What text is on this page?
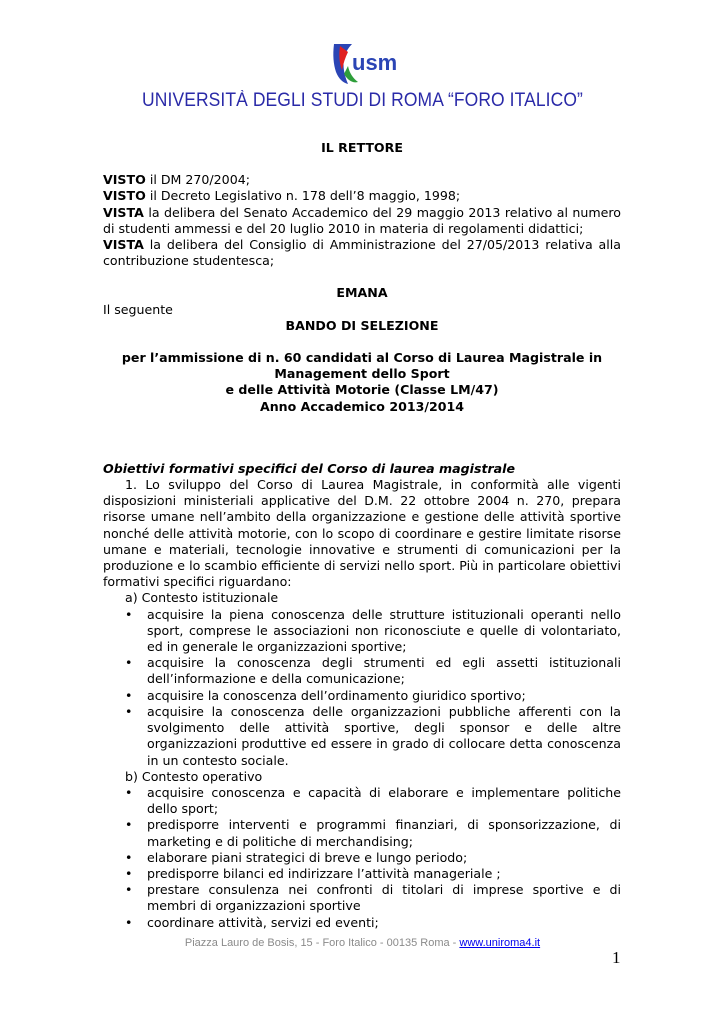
usm
UNIVERSITÀ DEGLI STUDI DI ROMA “FORO ITALICO”

IL RETTORE

VISTO il DM 270/2004;

VISTO il Decreto Legislativo n. 178 dell’8 maggio, 1998;

VISTA la delibera del Senato Accademico del 29 maggio 2013 relativo al numero di studenti ammessi e del 20 luglio 2010 in materia di regolamenti didattici;

VISTA la delibera del Consiglio di Amministrazione del 27/05/2013 relativa alla contribuzione studentesca;

EMANA

Il seguente

BANDO DI SELEZIONE

per l’ammissione di n. 60 candidati al Corso di Laurea Magistrale in

Management dello Sport

e delle Attività Motorie (Classe LM/47)

Anno Accademico 2013/2014

Obiettivi formativi specifici del Corso di laurea magistrale

1. Lo sviluppo del Corso di Laurea Magistrale, in conformità alle vigenti disposizioni ministeriali applicative del D.M. 22 ottobre 2004 n. 270, prepara risorse umane nell’ambito della organizzazione e gestione delle attività sportive nonché delle attività motorie, con lo scopo di coordinare e gestire limitate risorse umane e materiali, tecnologie innovative e strumenti di comunicazioni per la produzione e lo scambio efficiente di servizi nello sport. Più in particolare obiettivi formativi specifici riguardano:

a) Contesto istituzionale

• acquisire la piena conoscenza delle strutture istituzionali operanti nello sport, comprese le associazioni non riconosciute e quelle di volontariato, ed in generale le organizzazioni sportive;
• acquisire la conoscenza degli strumenti ed egli assetti istituzionali dell’informazione e della comunicazione;
• acquisire la conoscenza dell’ordinamento giuridico sportivo;
• acquisire la conoscenza delle organizzazioni pubbliche afferenti con la svolgimento delle attività sportive, degli sponsor e delle altre organizzazioni produttive ed essere in grado di collocare detta conoscenza in un contesto sociale.

b) Contesto operativo

• acquisire conoscenza e capacità di elaborare e implementare politiche dello sport;
• predisporre interventi e programmi finanziari, di sponsorizzazione, di marketing e di politiche di merchandising;
• elaborare piani strategici di breve e lungo periodo;
• predisporre bilanci ed indirizzare l’attività manageriale ;
• prestare consulenza nei confronti di titolari di imprese sportive e di membri di organizzazioni sportive
• coordinare attività, servizi ed eventi;
Piazza Lauro de Bosis, 15 - Foro Italico - 00135 Roma - www.uniroma4.it
1
